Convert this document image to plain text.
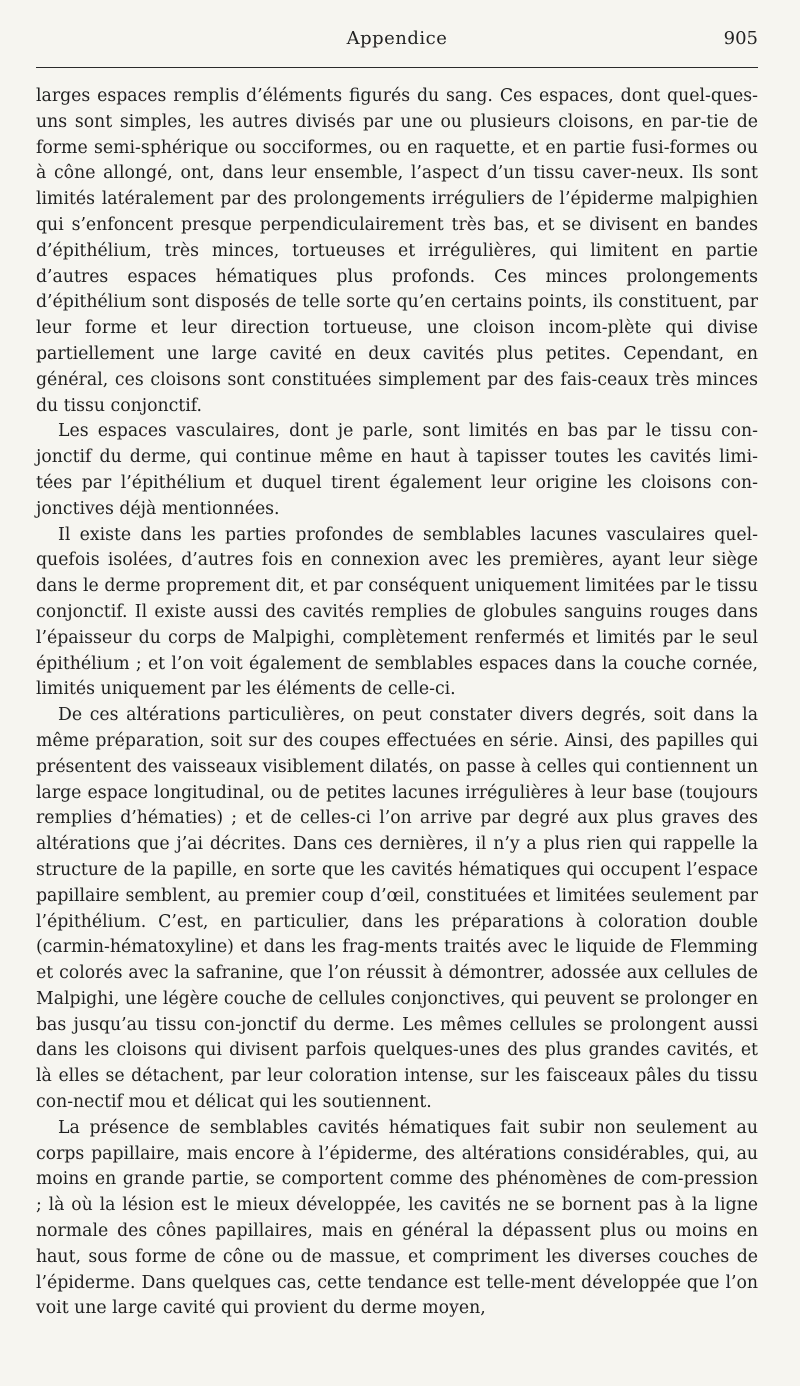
Appendice	905

larges espaces remplis d’éléments figurés du sang. Ces espaces, dont quel-ques-uns sont simples, les autres divisés par une ou plusieurs cloisons, en par-tie de forme semi-sphérique ou socciformes, ou en raquette, et en partie fusi-formes ou à cône allongé, ont, dans leur ensemble, l’aspect d’un tissu caver-neux. Ils sont limités latéralement par des prolongements irréguliers de l’épiderme malpighien qui s’enfoncent presque perpendiculairement très bas, et se divisent en bandes d’épithélium, très minces, tortueuses et irrégulières, qui limitent en partie d’autres espaces hématiques plus profonds. Ces minces prolongements d’épithélium sont disposés de telle sorte qu’en certains points, ils constituent, par leur forme et leur direction tortueuse, une cloison incom-plète qui divise partiellement une large cavité en deux cavités plus petites. Cependant, en général, ces cloisons sont constituées simplement par des fais-ceaux très minces du tissu conjonctif.

Les espaces vasculaires, dont je parle, sont limités en bas par le tissu con-jonctif du derme, qui continue même en haut à tapisser toutes les cavités limi-tées par l’épithélium et duquel tirent également leur origine les cloisons con-jonctives déjà mentionnées.

Il existe dans les parties profondes de semblables lacunes vasculaires quel-quefois isolées, d’autres fois en connexion avec les premières, ayant leur siège dans le derme proprement dit, et par conséquent uniquement limitées par le tissu conjonctif. Il existe aussi des cavités remplies de globules sanguins rouges dans l’épaisseur du corps de Malpighi, complètement renfermés et limités par le seul épithélium ; et l’on voit également de semblables espaces dans la couche cornée, limités uniquement par les éléments de celle-ci.

De ces altérations particulières, on peut constater divers degrés, soit dans la même préparation, soit sur des coupes effectuées en série. Ainsi, des papilles qui présentent des vaisseaux visiblement dilatés, on passe à celles qui contiennent un large espace longitudinal, ou de petites lacunes irrégulières à leur base (toujours remplies d’hématies) ; et de celles-ci l’on arrive par degré aux plus graves des altérations que j’ai décrites. Dans ces dernières, il n’y a plus rien qui rappelle la structure de la papille, en sorte que les cavités hématiques qui occupent l’espace papillaire semblent, au premier coup d’œil, constituées et limitées seulement par l’épithélium. C’est, en particulier, dans les préparations à coloration double (carmin-hématoxyline) et dans les frag-ments traités avec le liquide de Flemming et colorés avec la safranine, que l’on réussit à démontrer, adossée aux cellules de Malpighi, une légère couche de cellules conjonctives, qui peuvent se prolonger en bas jusqu’au tissu con-jonctif du derme. Les mêmes cellules se prolongent aussi dans les cloisons qui divisent parfois quelques-unes des plus grandes cavités, et là elles se détachent, par leur coloration intense, sur les faisceaux pâles du tissu con-nectif mou et délicat qui les soutiennent.

La présence de semblables cavités hématiques fait subir non seulement au corps papillaire, mais encore à l’épiderme, des altérations considérables, qui, au moins en grande partie, se comportent comme des phénomènes de com-pression ; là où la lésion est le mieux développée, les cavités ne se bornent pas à la ligne normale des cônes papillaires, mais en général la dépassent plus ou moins en haut, sous forme de cône ou de massue, et compriment les diverses couches de l’épiderme. Dans quelques cas, cette tendance est telle-ment développée que l’on voit une large cavité qui provient du derme moyen,
